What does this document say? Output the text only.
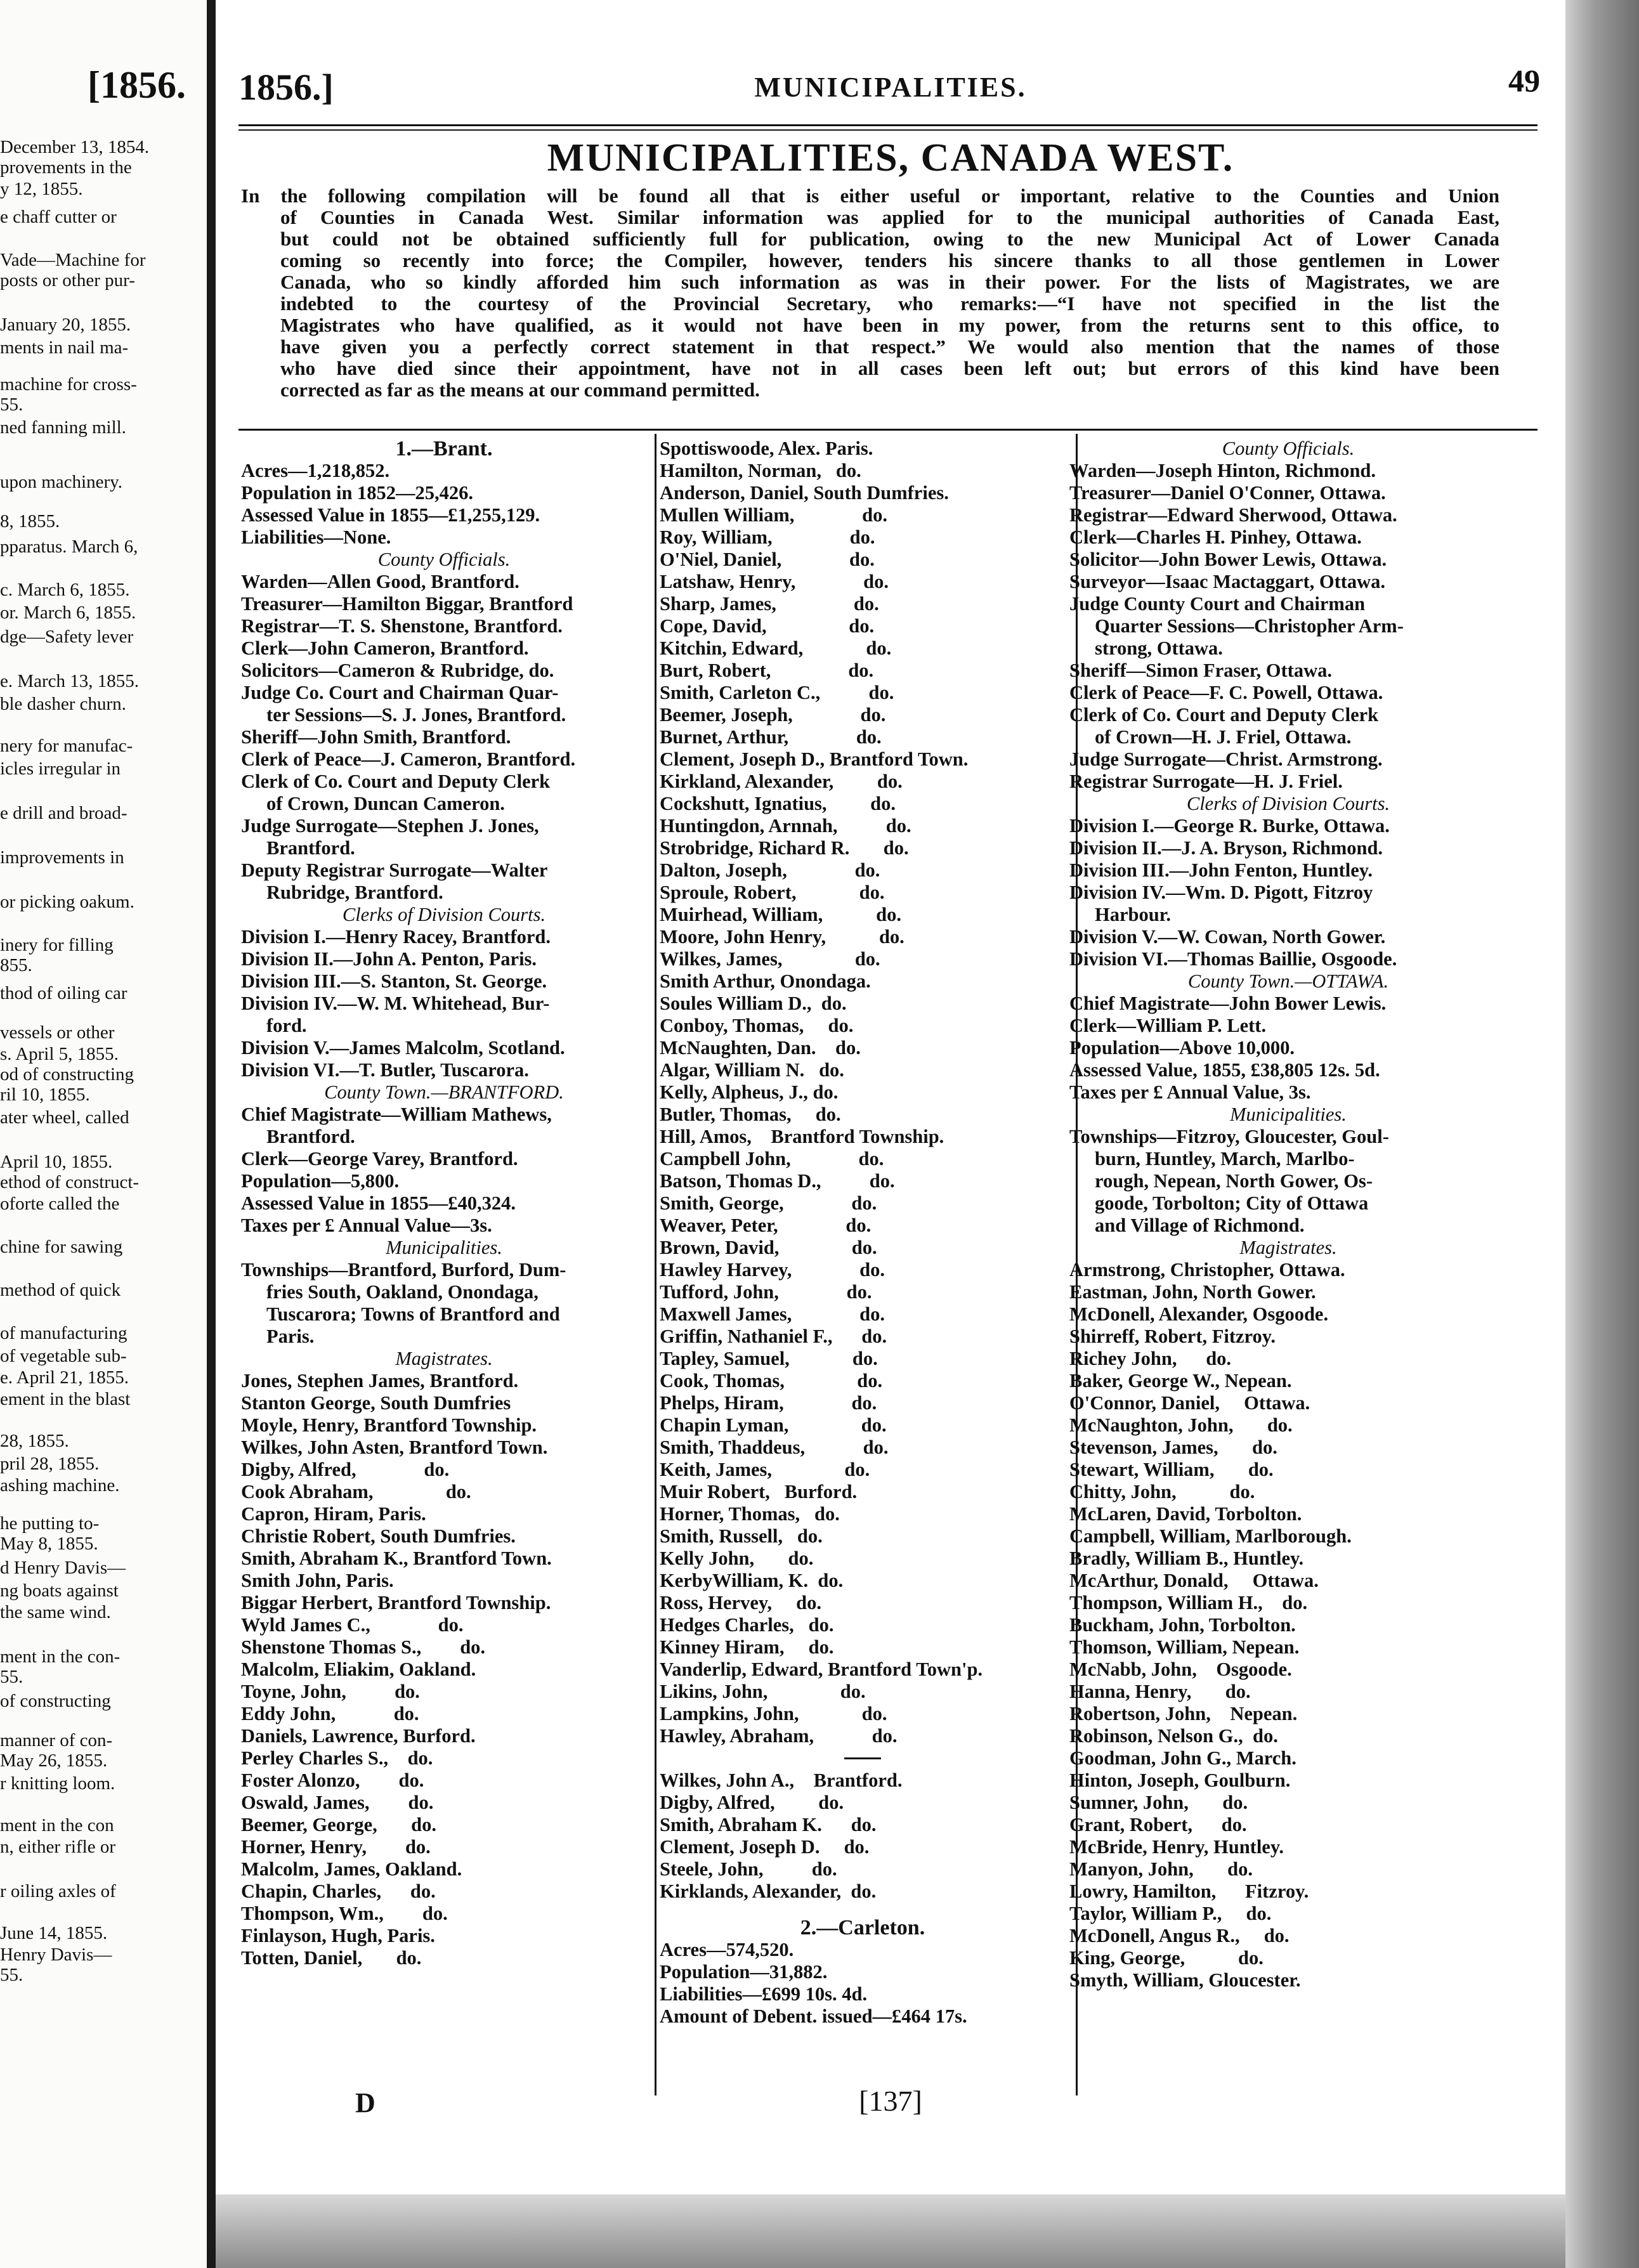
[1856.
December 13, 1854.
provements in the
y 12, 1855.
e chaff cutter or
Vade—Machine for
posts or other pur-
January 20, 1855.
ments in nail ma-
machine for cross-
55.
ned fanning mill.
upon machinery.
8, 1855.
pparatus. March 6,
c. March 6, 1855.
or. March 6, 1855.
dge—Safety lever
e. March 13, 1855.
ble dasher churn.
nery for manufac-
icles irregular in
e drill and broad-
improvements in
or picking oakum.
inery for filling
855.
thod of oiling car
vessels or other
s. April 5, 1855.
od of constructing
ril 10, 1855.
ater wheel, called
April 10, 1855.
ethod of construct-
oforte called the
chine for sawing
method of quick
of manufacturing
of vegetable sub-
e. April 21, 1855.
ement in the blast
28, 1855.
pril 28, 1855.
ashing machine.
he putting to-
May 8, 1855.
d Henry Davis—
ng boats against
the same wind.
ment in the con-
55.
of constructing
manner of con-
May 26, 1855.
r knitting loom.
ment in the con
n, either rifle or
r oiling axles of
June 14, 1855.
Henry Davis—
55.
1856.]	MUNICIPALITIES.	49
MUNICIPALITIES, CANADA WEST.

In the following compilation will be found all that is either useful or important, relative to the Counties and Union

of Counties in Canada West. Similar information was applied for to the municipal authorities of Canada East,

but could not be obtained sufficiently full for publication, owing to the new Municipal Act of Lower Canada

coming so recently into force; the Compiler, however, tenders his sincere thanks to all those gentlemen in Lower

Canada, who so kindly afforded him such information as was in their power. For the lists of Magistrates, we are

indebted to the courtesy of the Provincial Secretary, who remarks:—“I have not specified in the list the

Magistrates who have qualified, as it would not have been in my power, from the returns sent to this office, to

have given you a perfectly correct statement in that respect.” We would also mention that the names of those

who have died since their appointment, have not in all cases been left out; but errors of this kind have been

corrected as far as the means at our command permitted.

1.—Brant.
Acres—1,218,852.
Population in 1852—25,426.
Assessed Value in 1855—£1,255,129.
Liabilities—None.
County Officials.
Warden—Allen Good, Brantford.
Treasurer—Hamilton Biggar, Brantford
Registrar—T. S. Shenstone, Brantford.
Clerk—John Cameron, Brantford.
Solicitors—Cameron & Rubridge, do.
Judge Co. Court and Chairman Quar-
ter Sessions—S. J. Jones, Brantford.
Sheriff—John Smith, Brantford.
Clerk of Peace—J. Cameron, Brantford.
Clerk of Co. Court and Deputy Clerk
of Crown, Duncan Cameron.
Judge Surrogate—Stephen J. Jones,
Brantford.
Deputy Registrar Surrogate—Walter
Rubridge, Brantford.
Clerks of Division Courts.
Division I.—Henry Racey, Brantford.
Division II.—John A. Penton, Paris.
Division III.—S. Stanton, St. George.
Division IV.—W. M. Whitehead, Bur-
ford.
Division V.—James Malcolm, Scotland.
Division VI.—T. Butler, Tuscarora.
County Town.—BRANTFORD.
Chief Magistrate—William Mathews,
Brantford.
Clerk—George Varey, Brantford.
Population—5,800.
Assessed Value in 1855—£40,324.
Taxes per £ Annual Value—3s.
Municipalities.
Townships—Brantford, Burford, Dum-
fries South, Oakland, Onondaga,
Tuscarora; Towns of Brantford and
Paris.
Magistrates.
Jones, Stephen James, Brantford.
Stanton George, South Dumfries
Moyle, Henry, Brantford Township.
Wilkes, John Asten, Brantford Town.
Digby, Alfred,              do.
Cook Abraham,               do.
Capron, Hiram, Paris.
Christie Robert, South Dumfries.
Smith, Abraham K., Brantford Town.
Smith John, Paris.
Biggar Herbert, Brantford Township.
Wyld James C.,              do.
Shenstone Thomas S.,        do.
Malcolm, Eliakim, Oakland.
Toyne, John,          do.
Eddy John,            do.
Daniels, Lawrence, Burford.
Perley Charles S.,    do.
Foster Alonzo,        do.
Oswald, James,        do.
Beemer, George,       do.
Horner, Henry,        do.
Malcolm, James, Oakland.
Chapin, Charles,      do.
Thompson, Wm.,        do.
Finlayson, Hugh, Paris.
Totten, Daniel,       do.
Spottiswoode, Alex. Paris.
Hamilton, Norman,   do.
Anderson, Daniel, South Dumfries.
Mullen William,              do.
Roy, William,                do.
O'Niel, Daniel,              do.
Latshaw, Henry,              do.
Sharp, James,                do.
Cope, David,                 do.
Kitchin, Edward,             do.
Burt, Robert,                do.
Smith, Carleton C.,          do.
Beemer, Joseph,              do.
Burnet, Arthur,              do.
Clement, Joseph D., Brantford Town.
Kirkland, Alexander,         do.
Cockshutt, Ignatius,         do.
Huntingdon, Arnnah,          do.
Strobridge, Richard R.       do.
Dalton, Joseph,              do.
Sproule, Robert,             do.
Muirhead, William,           do.
Moore, John Henry,           do.
Wilkes, James,               do.
Smith Arthur, Onondaga.
Soules William D.,  do.
Conboy, Thomas,     do.
McNaughten, Dan.    do.
Algar, William N.   do.
Kelly, Alpheus, J., do.
Butler, Thomas,     do.
Hill, Amos,    Brantford Township.
Campbell John,              do.
Batson, Thomas D.,          do.
Smith, George,              do.
Weaver, Peter,              do.
Brown, David,               do.
Hawley Harvey,              do.
Tufford, John,              do.
Maxwell James,              do.
Griffin, Nathaniel F.,      do.
Tapley, Samuel,             do.
Cook, Thomas,               do.
Phelps, Hiram,              do.
Chapin Lyman,               do.
Smith, Thaddeus,            do.
Keith, James,               do.
Muir Robert,   Burford.
Horner, Thomas,   do.
Smith, Russell,   do.
Kelly John,       do.
KerbyWilliam, K.  do.
Ross, Hervey,     do.
Hedges Charles,   do.
Kinney Hiram,     do.
Vanderlip, Edward, Brantford Town'p.
Likins, John,               do.
Lampkins, John,             do.
Hawley, Abraham,            do.
Wilkes, John A.,    Brantford.
Digby, Alfred,         do.
Smith, Abraham K.      do.
Clement, Joseph D.     do.
Steele, John,          do.
Kirklands, Alexander,  do.
2.—Carleton.
Acres—574,520.
Population—31,882.
Liabilities—£699 10s. 4d.
Amount of Debent. issued—£464 17s.
County Officials.
Warden—Joseph Hinton, Richmond.
Treasurer—Daniel O'Conner, Ottawa.
Registrar—Edward Sherwood, Ottawa.
Clerk—Charles H. Pinhey, Ottawa.
Solicitor—John Bower Lewis, Ottawa.
Surveyor—Isaac Mactaggart, Ottawa.
Judge County Court and Chairman
Quarter Sessions—Christopher Arm-
strong, Ottawa.
Sheriff—Simon Fraser, Ottawa.
Clerk of Peace—F. C. Powell, Ottawa.
Clerk of Co. Court and Deputy Clerk
of Crown—H. J. Friel, Ottawa.
Judge Surrogate—Christ. Armstrong.
Registrar Surrogate—H. J. Friel.
Clerks of Division Courts.
Division I.—George R. Burke, Ottawa.
Division II.—J. A. Bryson, Richmond.
Division III.—John Fenton, Huntley.
Division IV.—Wm. D. Pigott, Fitzroy
Harbour.
Division V.—W. Cowan, North Gower.
Division VI.—Thomas Baillie, Osgoode.
County Town.—OTTAWA.
Chief Magistrate—John Bower Lewis.
Clerk—William P. Lett.
Population—Above 10,000.
Assessed Value, 1855, £38,805 12s. 5d.
Taxes per £ Annual Value, 3s.
Municipalities.
Townships—Fitzroy, Gloucester, Goul-
burn, Huntley, March, Marlbo-
rough, Nepean, North Gower, Os-
goode, Torbolton; City of Ottawa
and Village of Richmond.
Magistrates.
Armstrong, Christopher, Ottawa.
Eastman, John, North Gower.
McDonell, Alexander, Osgoode.
Shirreff, Robert, Fitzroy.
Richey John,      do.
Baker, George W., Nepean.
O'Connor, Daniel,     Ottawa.
McNaughton, John,       do.
Stevenson, James,       do.
Stewart, William,       do.
Chitty, John,           do.
McLaren, David, Torbolton.
Campbell, William, Marlborough.
Bradly, William B., Huntley.
McArthur, Donald,     Ottawa.
Thompson, William H.,    do.
Buckham, John, Torbolton.
Thomson, William, Nepean.
McNabb, John,    Osgoode.
Hanna, Henry,       do.
Robertson, John,    Nepean.
Robinson, Nelson G.,  do.
Goodman, John G., March.
Hinton, Joseph, Goulburn.
Sumner, John,       do.
Grant, Robert,      do.
McBride, Henry, Huntley.
Manyon, John,       do.
Lowry, Hamilton,      Fitzroy.
Taylor, William P.,     do.
McDonell, Angus R.,     do.
King, George,           do.
Smyth, William, Gloucester.
D	[137]
